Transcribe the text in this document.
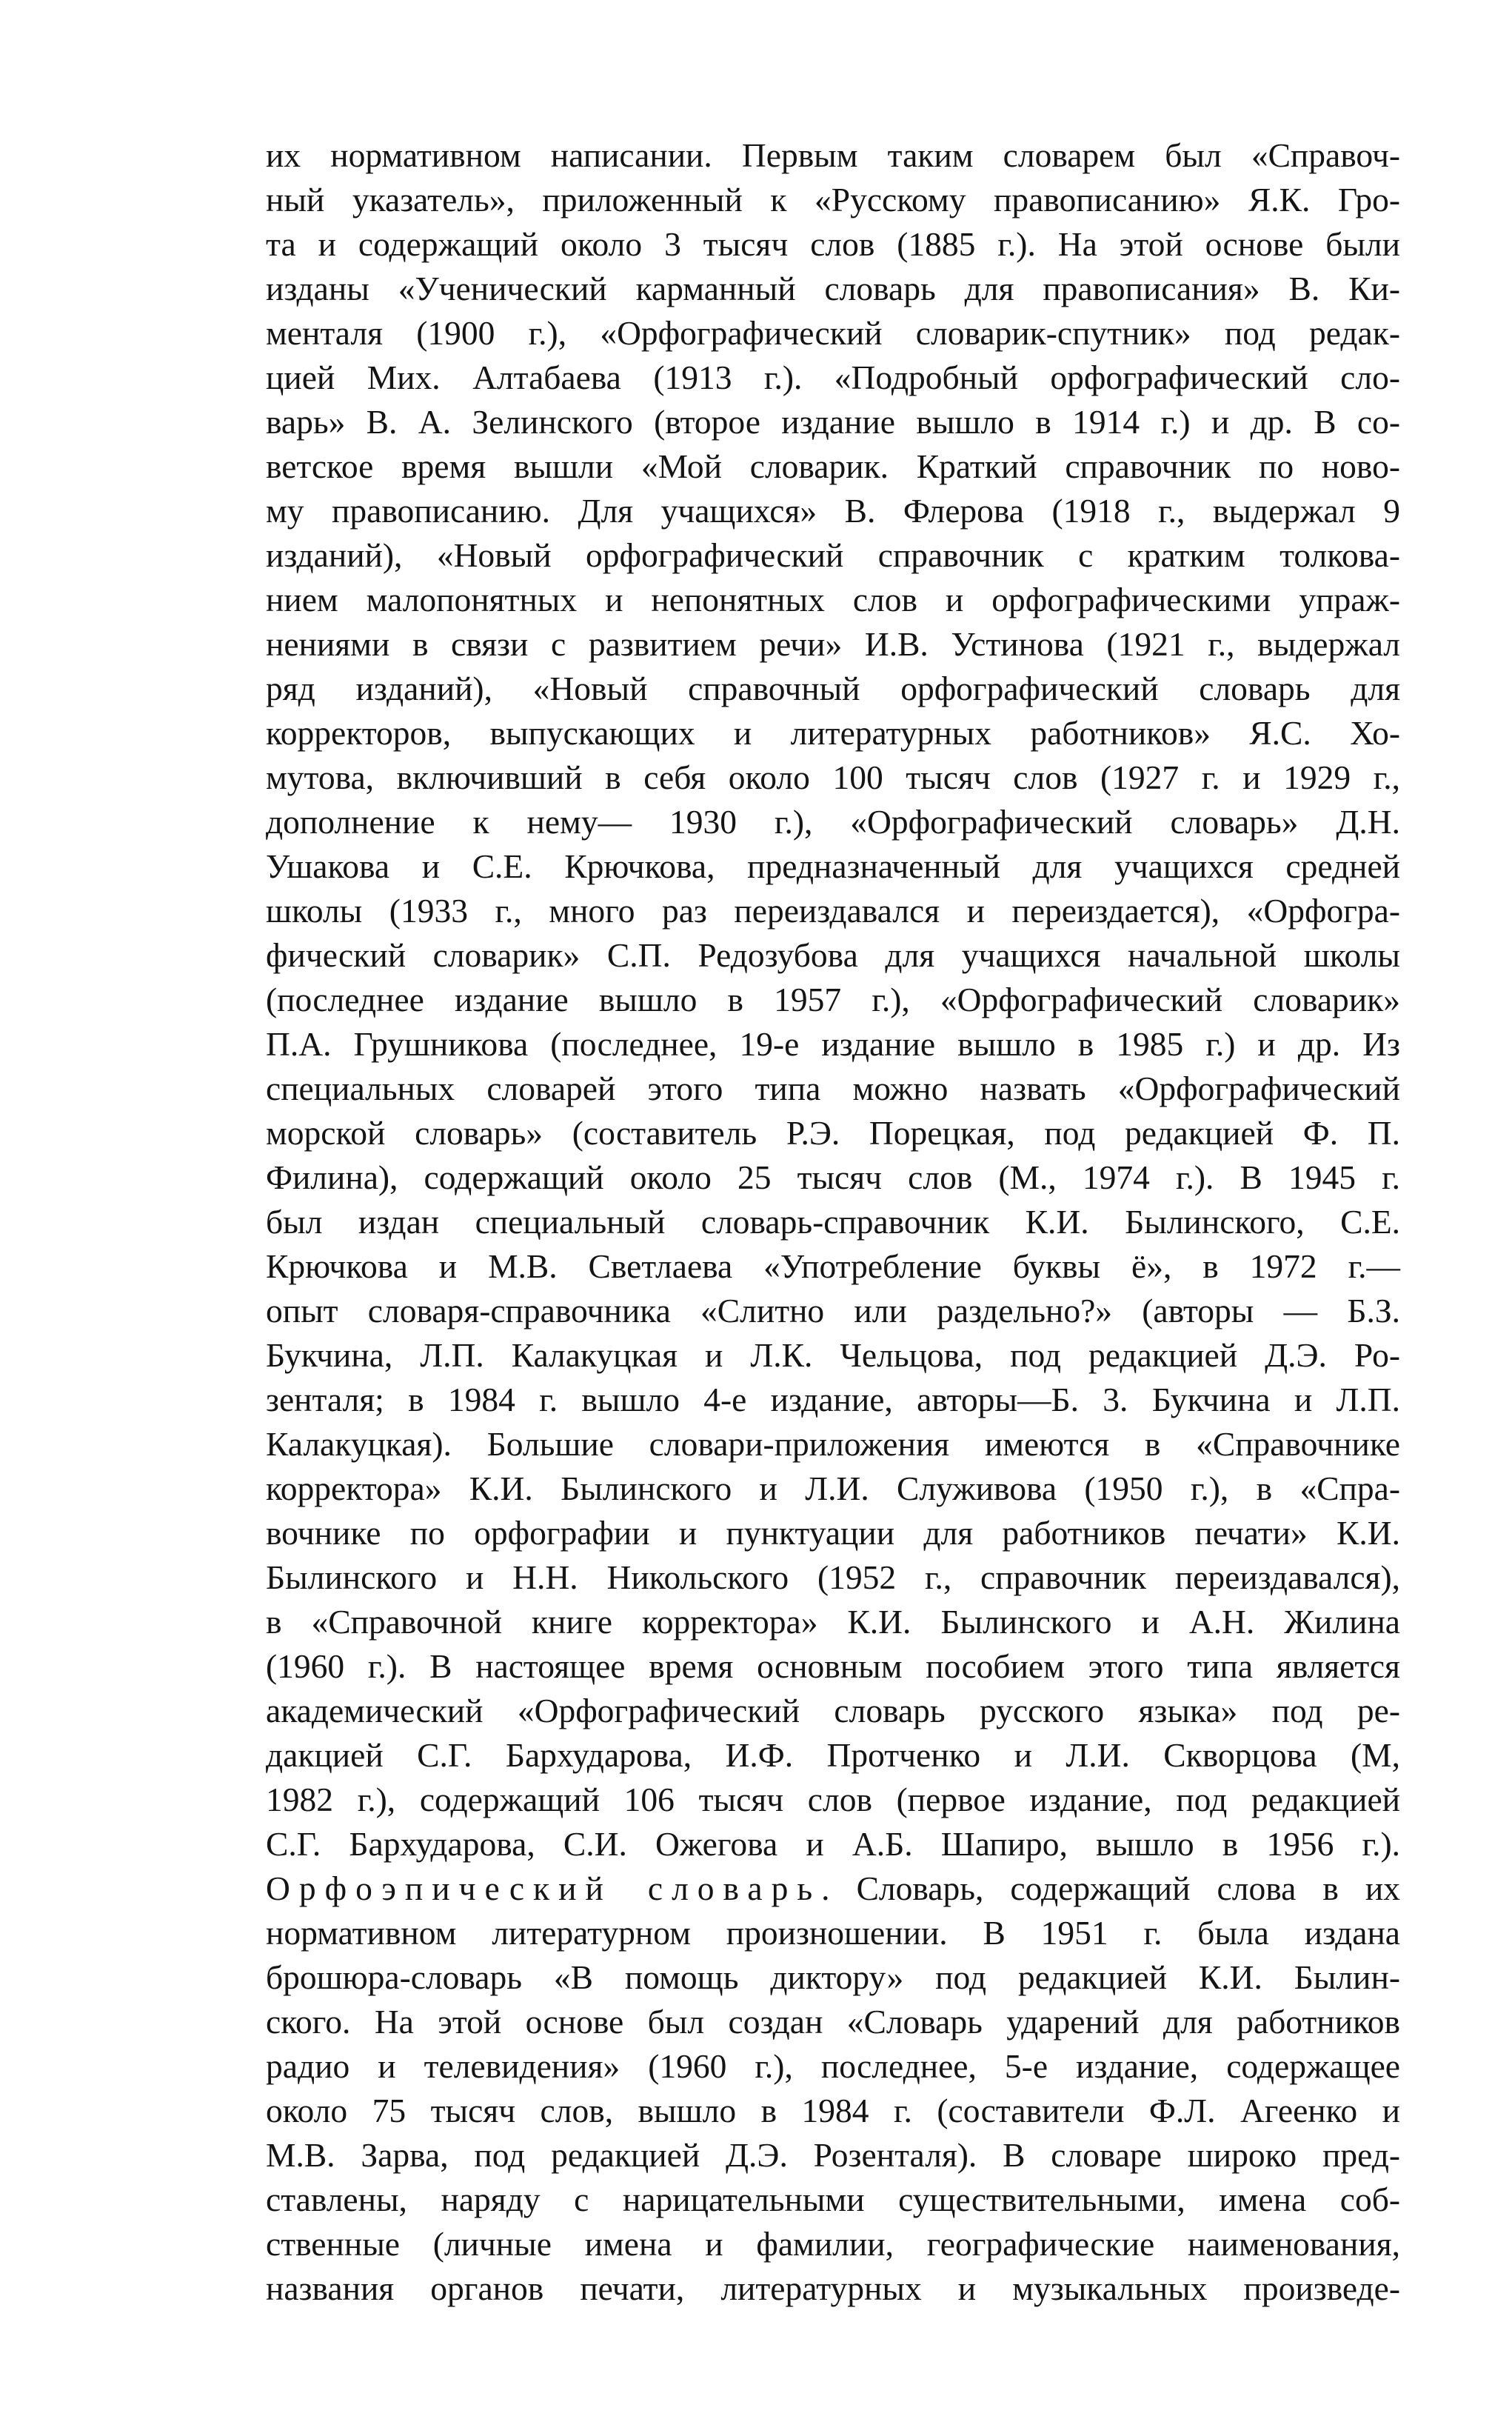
их нормативном написании. Первым таким словарем был «Справоч-
ный указатель», приложенный к «Русскому правописанию» Я.К. Гро-
та и содержащий около 3 тысяч слов (1885 г.). На этой основе были
изданы «Ученический карманный словарь для правописания» В. Ки-
менталя (1900 г.), «Орфографический словарик-спутник» под редак-
цией Мих. Алтабаева (1913 г.). «Подробный орфографический сло-
варь» В. А. Зелинского (второе издание вышло в 1914 г.) и др. В со-
ветское время вышли «Мой словарик. Краткий справочник по ново-
му правописанию. Для учащихся» В. Флерова (1918 г., выдержал 9
изданий), «Новый орфографический справочник с кратким толкова-
нием малопонятных и непонятных слов и орфографическими упраж-
нениями в связи с развитием речи» И.В. Устинова (1921 г., выдержал
ряд изданий), «Новый справочный орфографический словарь для
корректоров, выпускающих и литературных работников» Я.С. Хо-
мутова, включивший в себя около 100 тысяч слов (1927 г. и 1929 г.,
дополнение к нему— 1930 г.), «Орфографический словарь» Д.Н.
Ушакова и С.Е. Крючкова, предназначенный для учащихся средней
школы (1933 г., много раз переиздавался и переиздается), «Орфогра-
фический словарик» С.П. Редозубова для учащихся начальной школы
(последнее издание вышло в 1957 г.), «Орфографический словарик»
П.А. Грушникова (последнее, 19-е издание вышло в 1985 г.) и др. Из
специальных словарей этого типа можно назвать «Орфографический
морской словарь» (составитель Р.Э. Порецкая, под редакцией Ф. П.
Филина), содержащий около 25 тысяч слов (М., 1974 г.). В 1945 г.
был издан специальный словарь-справочник К.И. Былинского, С.Е.
Крючкова и М.В. Светлаева «Употребление буквы ё», в 1972 г.—
опыт словаря-справочника «Слитно или раздельно?» (авторы — Б.З.
Букчина, Л.П. Калакуцкая и Л.К. Чельцова, под редакцией Д.Э. Ро-
зенталя; в 1984 г. вышло 4-е издание, авторы—Б. 3. Букчина и Л.П.
Калакуцкая). Большие словари-приложения имеются в «Справочнике
корректора» К.И. Былинского и Л.И. Служивова (1950 г.), в «Спра-
вочнике по орфографии и пунктуации для работников печати» К.И.
Былинского и Н.Н. Никольского (1952 г., справочник переиздавался),
в «Справочной книге корректора» К.И. Былинского и А.Н. Жилина
(1960 г.). В настоящее время основным пособием этого типа является
академический «Орфографический словарь русского языка» под ре-
дакцией С.Г. Бархударова, И.Ф. Протченко и Л.И. Скворцова (М,
1982 г.), содержащий 106 тысяч слов (первое издание, под редакцией
С.Г. Бархударова, С.И. Ожегова и А.Б. Шапиро, вышло в 1956 г.).
Орфоэпический словарь. Словарь, содержащий слова в их
нормативном литературном произношении. В 1951 г. была издана
брошюра-словарь «В помощь диктору» под редакцией К.И. Былин-
ского. На этой основе был создан «Словарь ударений для работников
радио и телевидения» (1960 г.), последнее, 5-е издание, содержащее
около 75 тысяч слов, вышло в 1984 г. (составители Ф.Л. Агеенко и
М.В. Зарва, под редакцией Д.Э. Розенталя). В словаре широко пред-
ставлены, наряду с нарицательными существительными, имена соб-
ственные (личные имена и фамилии, географические наименования,
названия органов печати, литературных и музыкальных произведе-
